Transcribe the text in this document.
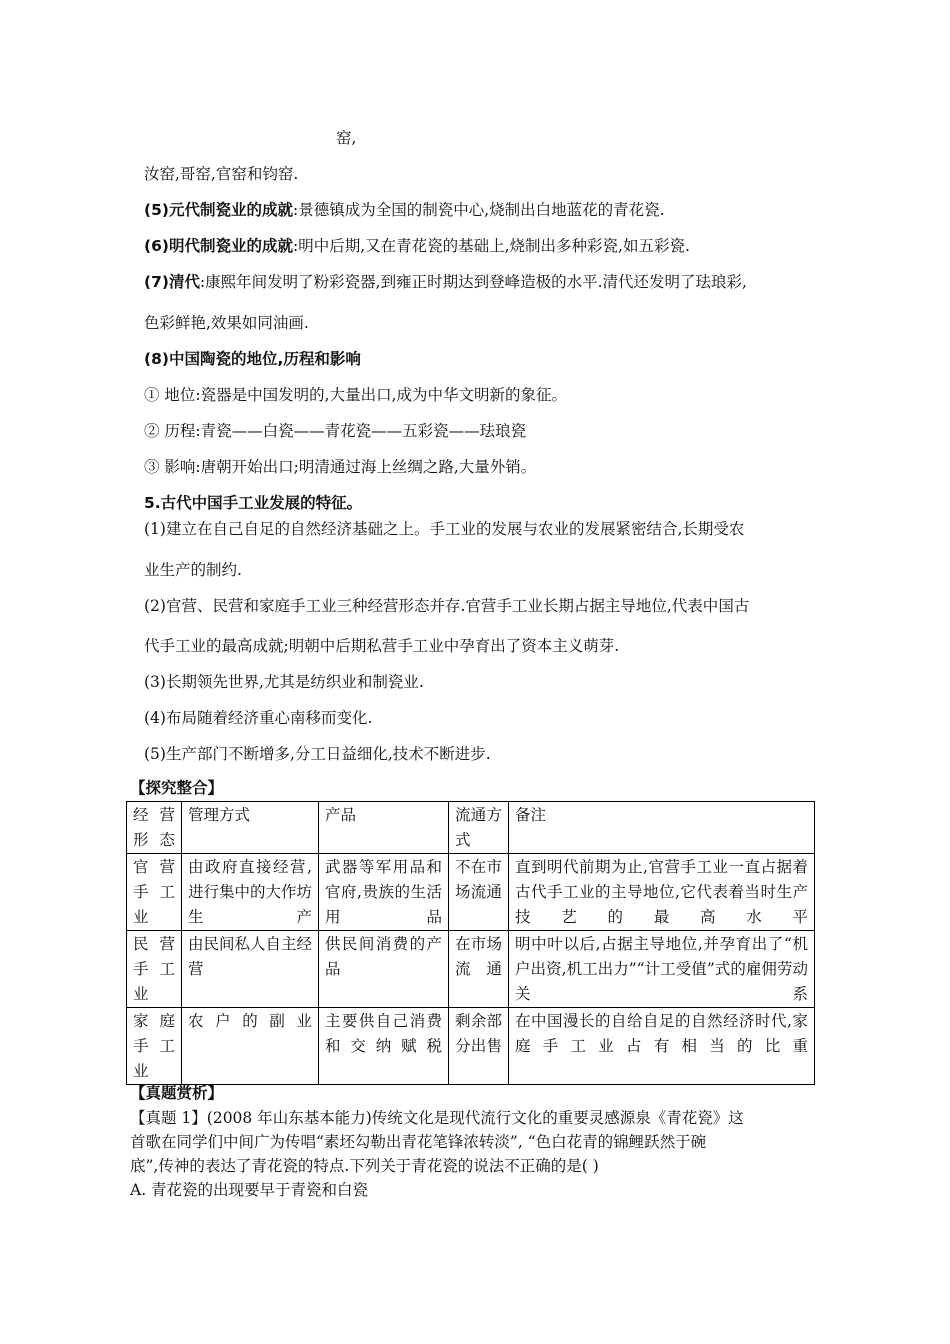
窑,
汝窑,哥窑,官窑和钧窑.
(5)元代制瓷业的成就:景德镇成为全国的制瓷中心,烧制出白地蓝花的青花瓷.
(6)明代制瓷业的成就:明中后期,又在青花瓷的基础上,烧制出多种彩瓷,如五彩瓷.
(7)清代:康熙年间发明了粉彩瓷器,到雍正时期达到登峰造极的水平.清代还发明了珐琅彩,
色彩鲜艳,效果如同油画.
(8)中国陶瓷的地位,历程和影响
① 地位:瓷器是中国发明的,大量出口,成为中华文明新的象征。
② 历程:青瓷——白瓷——青花瓷——五彩瓷——珐琅瓷
③ 影响:唐朝开始出口;明清通过海上丝绸之路,大量外销。
5.古代中国手工业发展的特征。
(1)建立在自己自足的自然经济基础之上。手工业的发展与农业的发展紧密结合,长期受农
业生产的制约.
(2)官营、民营和家庭手工业三种经营形态并存.官营手工业长期占据主导地位,代表中国古
代手工业的最高成就;明朝中后期私营手工业中孕育出了资本主义萌芽.
(3)长期领先世界,尤其是纺织业和制瓷业.
(4)布局随着经济重心南移而变化.
(5)生产部门不断增多,分工日益细化,技术不断进步.
【探究整合】
经营形态	管理方式	产品	流通方式	备注
官营手工业	由政府直接经营,进行集中的大作坊生产	武器等军用品和官府,贵族的生活用品	不在市场流通	直到明代前期为止,官营手工业一直占据着古代手工业的主导地位,它代表着当时生产技艺的最高水平
民营手工业	由民间私人自主经营	供民间消费的产品	在市场流通	明中叶以后,占据主导地位,并孕育出了“机户出资,机工出力”“计工受值”式的雇佣劳动关系
家庭手工业	农户的副业	主要供自己消费和交纳赋税	剩余部分出售	在中国漫长的自给自足的自然经济时代,家庭手工业占有相当的比重
【真题赏析】
【真题 1】(2008 年山东基本能力)传统文化是现代流行文化的重要灵感源泉《青花瓷》这
首歌在同学们中间广为传唱“素坯勾勒出青花笔锋浓转淡”, “色白花青的锦鲤跃然于碗
底”,传神的表达了青花瓷的特点.下列关于青花瓷的说法不正确的是( )
A. 青花瓷的出现要早于青瓷和白瓷
